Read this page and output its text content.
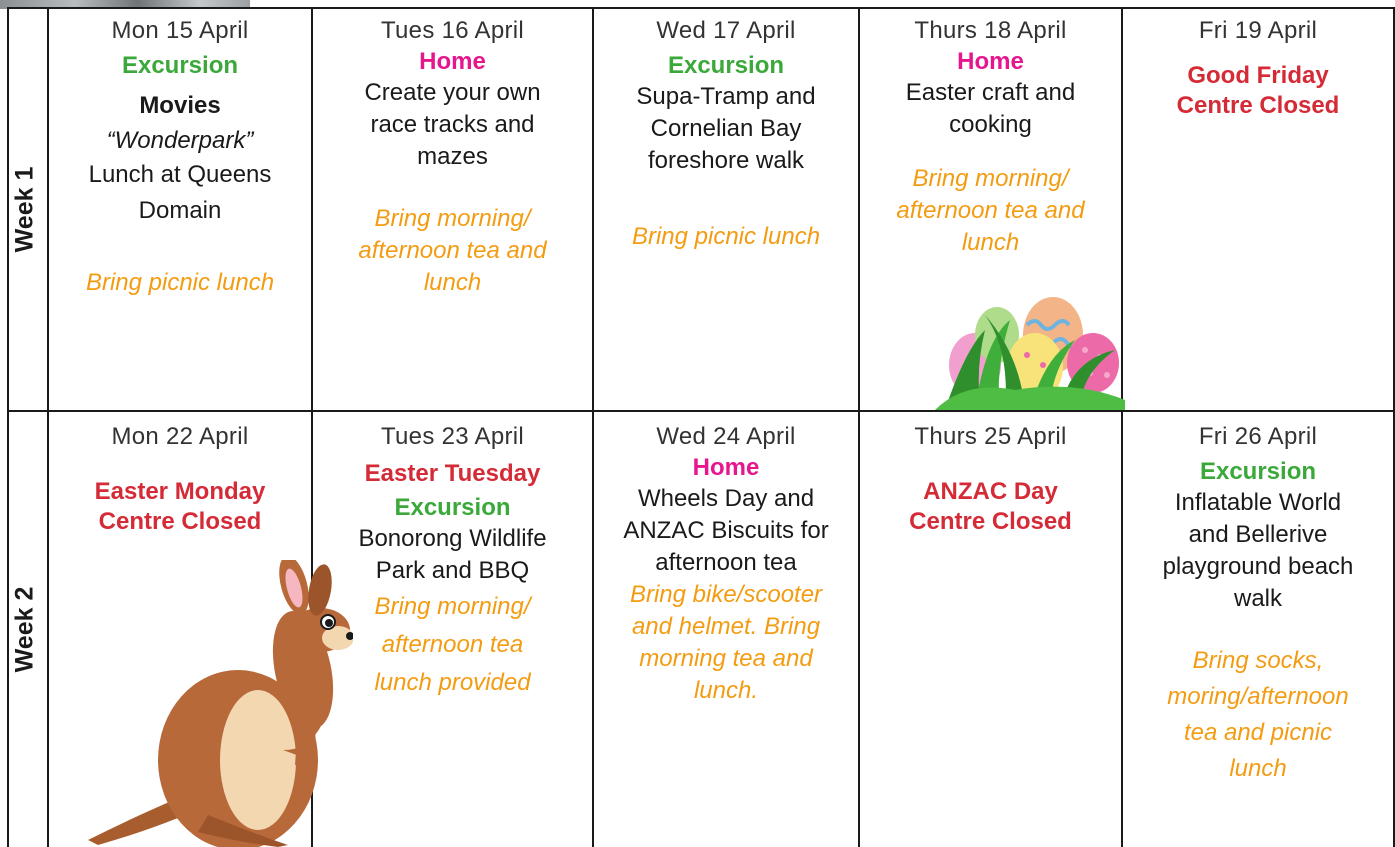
Week 1
Week 2
Mon 15 April
Excursion
Movies
“Wonderpark”
Lunch at Queens
Domain
Bring picnic lunch
Tues 16 April
Home
Create your own
race tracks and
mazes
Bring morning/
afternoon tea and
lunch
Wed 17 April
Excursion
Supa-Tramp and
Cornelian Bay
foreshore walk
Bring picnic lunch
Thurs 18 April
Home
Easter craft and
cooking
Bring morning/
afternoon tea and
lunch
Fri 19 April
Good Friday
Centre Closed
Mon 22 April
Easter Monday
Centre Closed
Tues 23 April
Easter Tuesday
Excursion
Bonorong Wildlife
Park and BBQ
Bring morning/
afternoon tea
lunch provided
Wed 24 April
Home
Wheels Day and
ANZAC Biscuits for
afternoon tea
Bring bike/scooter
and helmet. Bring
morning tea and
lunch.
Thurs 25 April
ANZAC Day
Centre Closed
Fri 26 April
Excursion
Inflatable World
and Bellerive
playground beach
walk
Bring socks,
moring/afternoon
tea and picnic
lunch
